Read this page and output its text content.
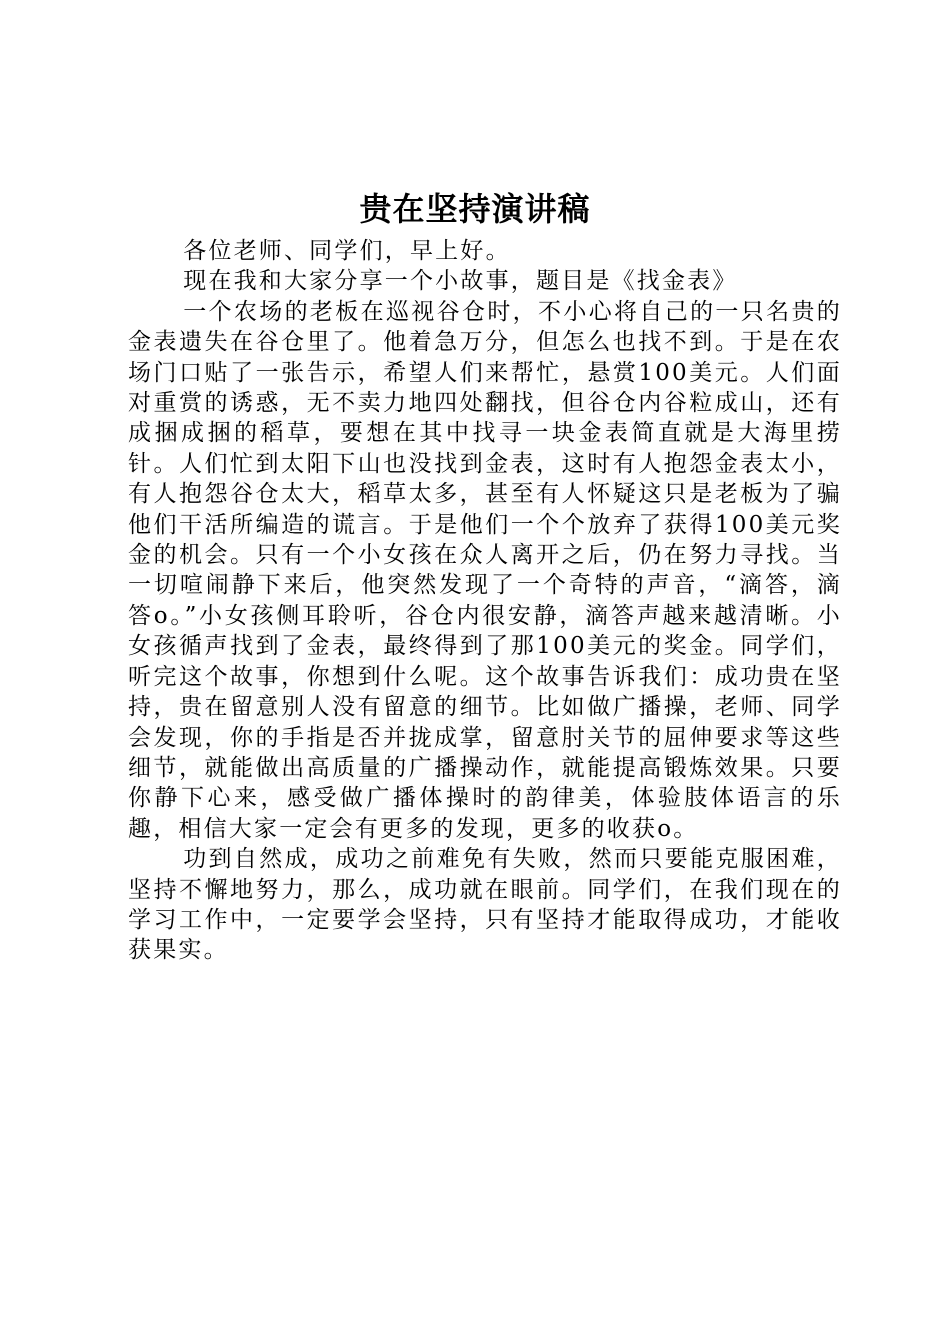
贵在坚持演讲稿

各位老师、同学们，早上好。

现在我和大家分享一个小故事，题目是《找金表》

一个农场的老板在巡视谷仓时，不小心将自己的一只名贵的金表遗失在谷仓里了。他着急万分，但怎么也找不到。于是在农场门口贴了一张告示，希望人们来帮忙，悬赏100美元。人们面对重赏的诱惑，无不卖力地四处翻找，但谷仓内谷粒成山，还有成捆成捆的稻草，要想在其中找寻一块金表简直就是大海里捞针。人们忙到太阳下山也没找到金表，这时有人抱怨金表太小，有人抱怨谷仓太大，稻草太多，甚至有人怀疑这只是老板为了骗他们干活所编造的谎言。于是他们一个个放弃了获得100美元奖金的机会。只有一个小女孩在众人离开之后，仍在努力寻找。当一切喧闹静下来后，他突然发现了一个奇特的声音，“滴答，滴答o。”小女孩侧耳聆听，谷仓内很安静，滴答声越来越清晰。小女孩循声找到了金表，最终得到了那100美元的奖金。同学们，听完这个故事，你想到什么呢。这个故事告诉我们：成功贵在坚持，贵在留意别人没有留意的细节。比如做广播操，老师、同学会发现，你的手指是否并拢成掌，留意肘关节的屈伸要求等这些细节，就能做出高质量的广播操动作，就能提高锻炼效果。只要你静下心来，感受做广播体操时的韵律美，体验肢体语言的乐趣，相信大家一定会有更多的发现，更多的收获o。

功到自然成，成功之前难免有失败，然而只要能克服困难，坚持不懈地努力，那么，成功就在眼前。同学们，在我们现在的学习工作中，一定要学会坚持，只有坚持才能取得成功，才能收获果实。
